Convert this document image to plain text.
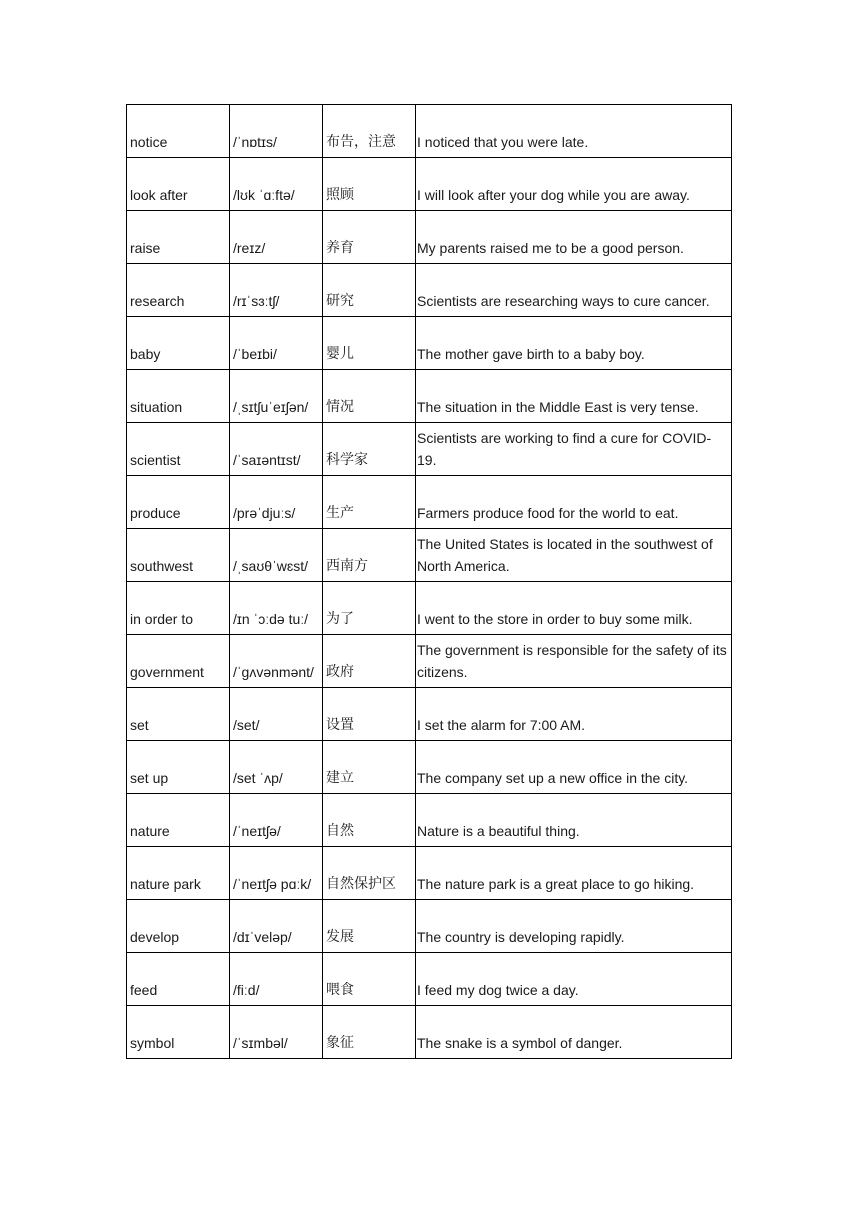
notice	/ˈnɒtɪs/	布告，注意	I noticed that you were late.

look after	/lʊk ˈɑːftə/	照顾	I will look after your dog while you are away.

raise	/reɪz/	养育	My parents raised me to be a good person.

research	/rɪˈsɜːtʃ/	研究	Scientists are researching ways to cure cancer.

baby	/ˈbeɪbi/	婴儿	The mother gave birth to a baby boy.

situation	/ˌsɪtʃuˈeɪʃən/	情况	The situation in the Middle East is very tense.

scientist	/ˈsaɪəntɪst/	科学家	Scientists are working to find a cure for COVID-19.

produce	/prəˈdjuːs/	生产	Farmers produce food for the world to eat.

southwest	/ˌsaʊθˈwɛst/	西南方	The United States is located in the southwest of North America.

in order to	/ɪn ˈɔːdə tuː/	为了	I went to the store in order to buy some milk.

government	/ˈɡʌvənmənt/	政府	The government is responsible for the safety of its citizens.

set	/set/	设置	I set the alarm for 7:00 AM.

set up	/set ˈʌp/	建立	The company set up a new office in the city.

nature	/ˈneɪtʃə/	自然	Nature is a beautiful thing.

nature park	/ˈneɪtʃə pɑːk/	自然保护区	The nature park is a great place to go hiking.

develop	/dɪˈveləp/	发展	The country is developing rapidly.

feed	/fiːd/	喂食	I feed my dog twice a day.

symbol	/ˈsɪmbəl/	象征	The snake is a symbol of danger.
